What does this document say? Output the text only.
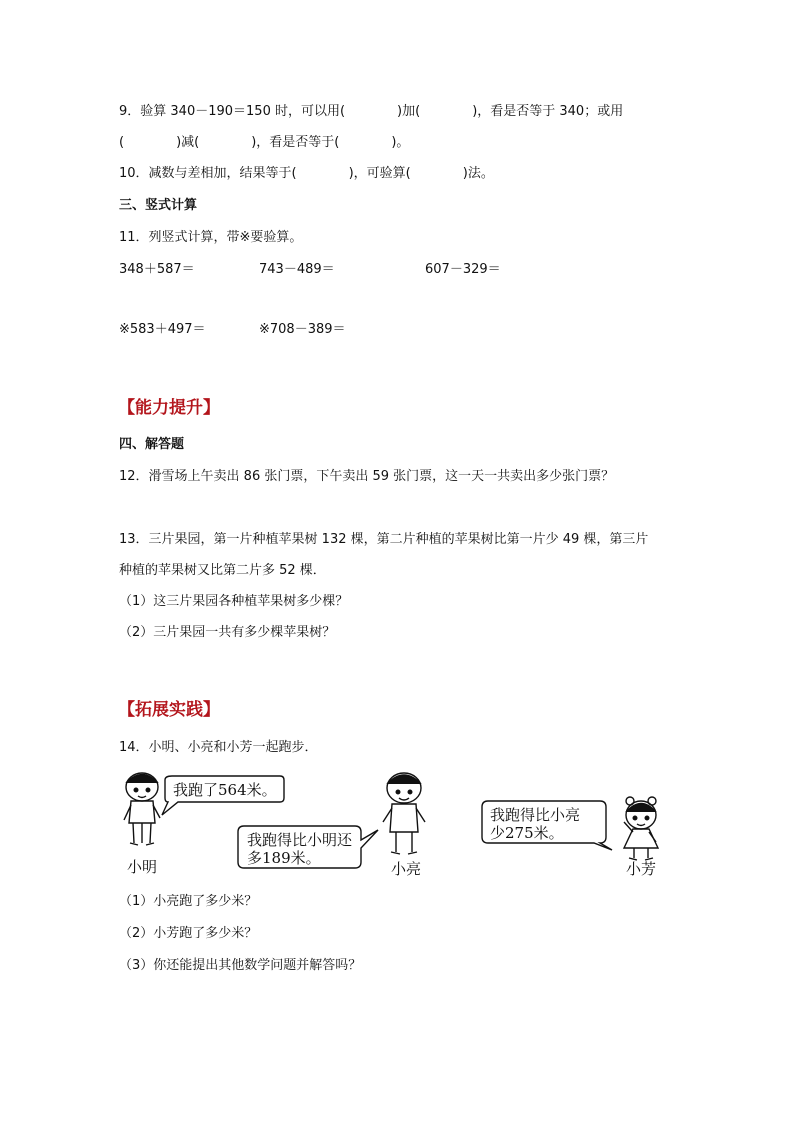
9．验算 340－190＝150 时，可以用(　　　　)加(　　　　)，看是否等于 340；或用
(　　　　)减(　　　　)，看是否等于(　　　　)。
10．减数与差相加，结果等于(　　　　)，可验算(　　　　)法。
三、竖式计算
11．列竖式计算，带※要验算。
348＋587＝	743－489＝	607－329＝
※583＋497＝	※708－389＝
【能力提升】
四、解答题
12．滑雪场上午卖出 86 张门票，下午卖出 59 张门票，这一天一共卖出多少张门票？
13．三片果园，第一片种植苹果树 132 棵，第二片种植的苹果树比第一片少 49 棵，第三片
种植的苹果树又比第二片多 52 棵．
（1）这三片果园各种植苹果树多少棵？
（2）三片果园一共有多少棵苹果树？
【拓展实践】
14．小明、小亮和小芳一起跑步．
我跑了564米。
我跑得比小明还
多189米。
我跑得比小亮
少275米。
小明	小亮	小芳
（1）小亮跑了多少米？
（2）小芳跑了多少米？
（3）你还能提出其他数学问题并解答吗？
